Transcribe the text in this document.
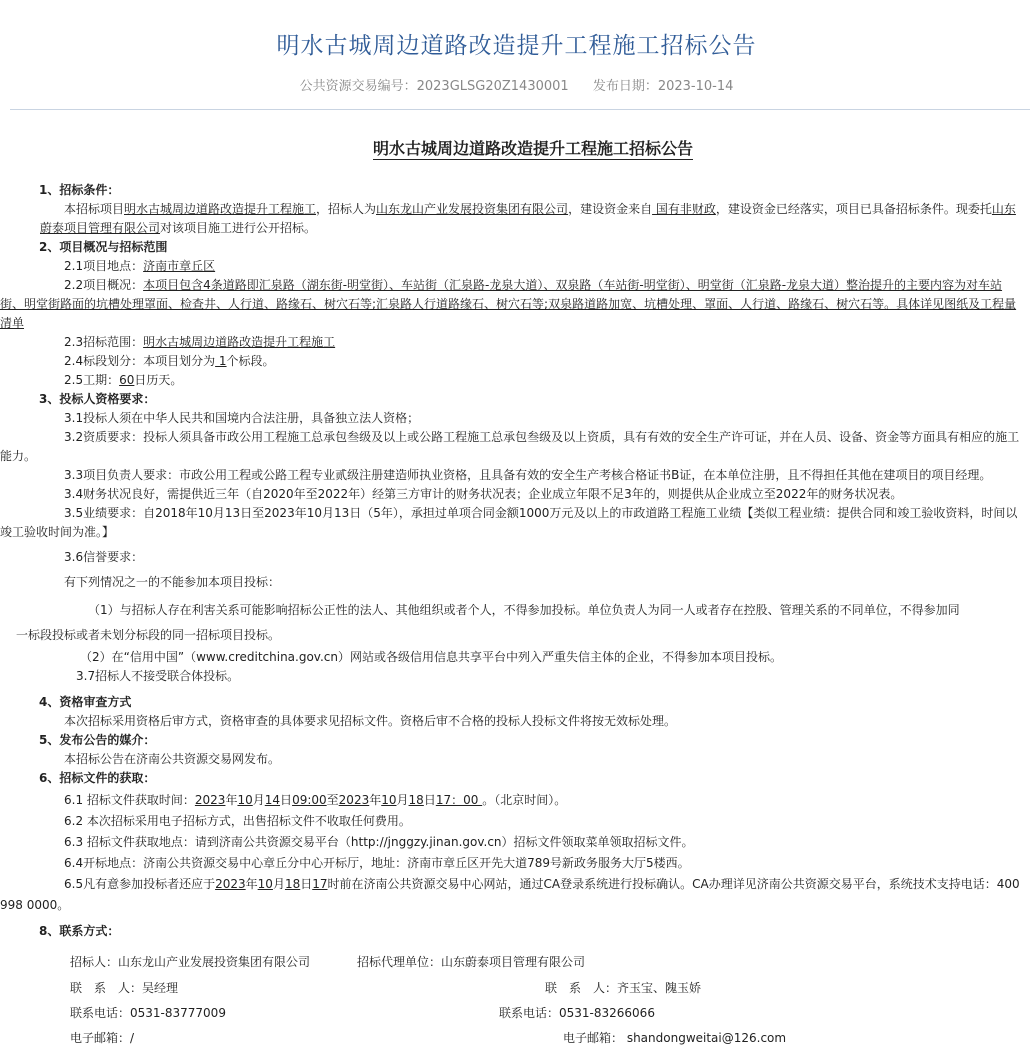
明水古城周边道路改造提升工程施工招标公告
公共资源交易编号：2023GLSG20Z1430001 发布日期：2023-10-14
明水古城周边道路改造提升工程施工招标公告

1、招标条件：

本招标项目明水古城周边道路改造提升工程施工，招标人为山东龙山产业发展投资集团有限公司，建设资金来自 国有非财政，建设资金已经落实，项目已具备招标条件。现委托山东蔚泰项目管理有限公司对该项目施工进行公开招标。

2、项目概况与招标范围

2.1项目地点：济南市章丘区

2.2项目概况：本项目包含4条道路即汇泉路（湖东街-明堂街）、车站街（汇泉路-龙泉大道）、双泉路（车站街-明堂街）、明堂街（汇泉路-龙泉大道）整治提升的主要内容为对车站街、明堂街路面的坑槽处理罩面、检查井、人行道、路缘石、树穴石等;汇泉路人行道路缘石、树穴石等;双泉路道路加宽、坑槽处理、罩面、人行道、路缘石、树穴石等。具体详见图纸及工程量清单

2.3招标范围：明水古城周边道路改造提升工程施工

2.4标段划分：本项目划分为 1个标段。

2.5工期：60日历天。

3、投标人资格要求：

3.1投标人须在中华人民共和国境内合法注册，具备独立法人资格；

3.2资质要求：投标人须具备市政公用工程施工总承包叁级及以上或公路工程施工总承包叁级及以上资质，具有有效的安全生产许可证，并在人员、设备、资金等方面具有相应的施工能力。

3.3项目负责人要求：市政公用工程或公路工程专业贰级注册建造师执业资格，且具备有效的安全生产考核合格证书B证，在本单位注册，且不得担任其他在建项目的项目经理。

3.4财务状况良好，需提供近三年（自2020年至2022年）经第三方审计的财务状况表；企业成立年限不足3年的，则提供从企业成立至2022年的财务状况表。

3.5业绩要求：自2018年10月13日至2023年10月13日（5年），承担过单项合同金额1000万元及以上的市政道路工程施工业绩【类似工程业绩：提供合同和竣工验收资料，时间以竣工验收时间为准。】

3.6信誉要求：

有下列情况之一的不能参加本项目投标：

（1）与招标人存在利害关系可能影响招标公正性的法人、其他组织或者个人，不得参加投标。单位负责人为同一人或者存在控股、管理关系的不同单位，不得参加同

一标段投标或者未划分标段的同一招标项目投标。

（2）在“信用中国”（www.creditchina.gov.cn）网站或各级信用信息共享平台中列入严重失信主体的企业，不得参加本项目投标。

3.7招标人不接受联合体投标。

4、资格审查方式

本次招标采用资格后审方式，资格审查的具体要求见招标文件。资格后审不合格的投标人投标文件将按无效标处理。

5、发布公告的媒介：

本招标公告在济南公共资源交易网发布。

6、招标文件的获取：

6.1 招标文件获取时间：2023年10月14日09:00至2023年10月18日17：00 。（北京时间）。

6.2 本次招标采用电子招标方式，出售招标文件不收取任何费用。

6.3 招标文件获取地点：请到济南公共资源交易平台（http://jnggzy.jinan.gov.cn）招标文件领取菜单领取招标文件。

6.4开标地点：济南公共资源交易中心章丘分中心开标厅，地址：济南市章丘区开先大道789号新政务服务大厅5楼西。

6.5凡有意参加投标者还应于2023年10月18日17时前在济南公共资源交易中心网站，通过CA登录系统进行投标确认。CA办理详见济南公共资源交易平台，系统技术支持电话：400 998 0000。

8、联系方式：

招标人：山东龙山产业发展投资集团有限公司	招标代理单位：山东蔚泰项目管理有限公司
联　系　人：吴经理	联　系　人：齐玉宝、隗玉娇
联系电话：0531-83777009	联系电话：0531-83266066
电子邮箱：/	电子邮箱： shandongweitai@126.com
